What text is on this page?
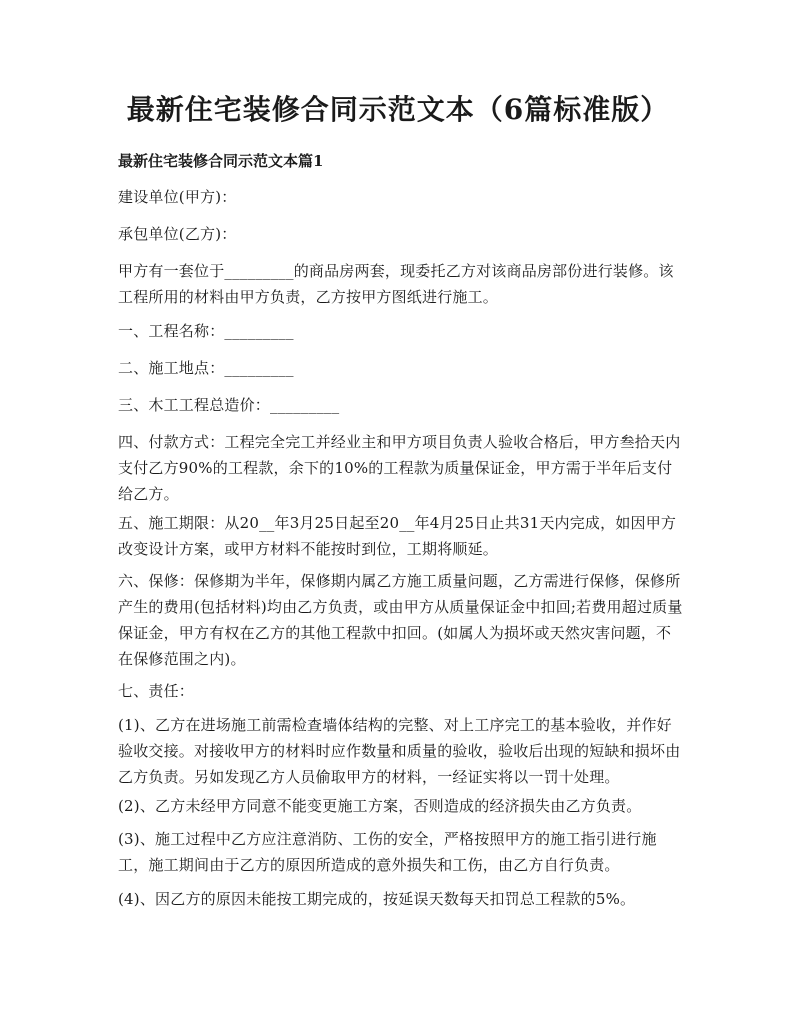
最新住宅装修合同示范文本（6篇标准版）
最新住宅装修合同示范文本篇1
建设单位(甲方)：
承包单位(乙方)：
甲方有一套位于_________的商品房两套，现委托乙方对该商品房部份进行装修。该工程所用的材料由甲方负责，乙方按甲方图纸进行施工。
一、工程名称：_________
二、施工地点：_________
三、木工工程总造价：_________
四、付款方式：工程完全完工并经业主和甲方项目负责人验收合格后，甲方叁拾天内支付乙方90%的工程款，余下的10%的工程款为质量保证金，甲方需于半年后支付给乙方。
五、施工期限：从20__年3月25日起至20__年4月25日止共31天内完成，如因甲方改变设计方案，或甲方材料不能按时到位，工期将顺延。
六、保修：保修期为半年，保修期内属乙方施工质量问题，乙方需进行保修，保修所产生的费用(包括材料)均由乙方负责，或由甲方从质量保证金中扣回;若费用超过质量保证金，甲方有权在乙方的其他工程款中扣回。(如属人为损坏或天然灾害问题，不在保修范围之内)。
七、责任：
(1)、乙方在进场施工前需检查墙体结构的完整、对上工序完工的基本验收，并作好验收交接。对接收甲方的材料时应作数量和质量的验收，验收后出现的短缺和损坏由乙方负责。另如发现乙方人员偷取甲方的材料，一经证实将以一罚十处理。
(2)、乙方未经甲方同意不能变更施工方案，否则造成的经济损失由乙方负责。
(3)、施工过程中乙方应注意消防、工伤的安全，严格按照甲方的施工指引进行施工，施工期间由于乙方的原因所造成的意外损失和工伤，由乙方自行负责。
(4)、因乙方的原因未能按工期完成的，按延误天数每天扣罚总工程款的5%。
